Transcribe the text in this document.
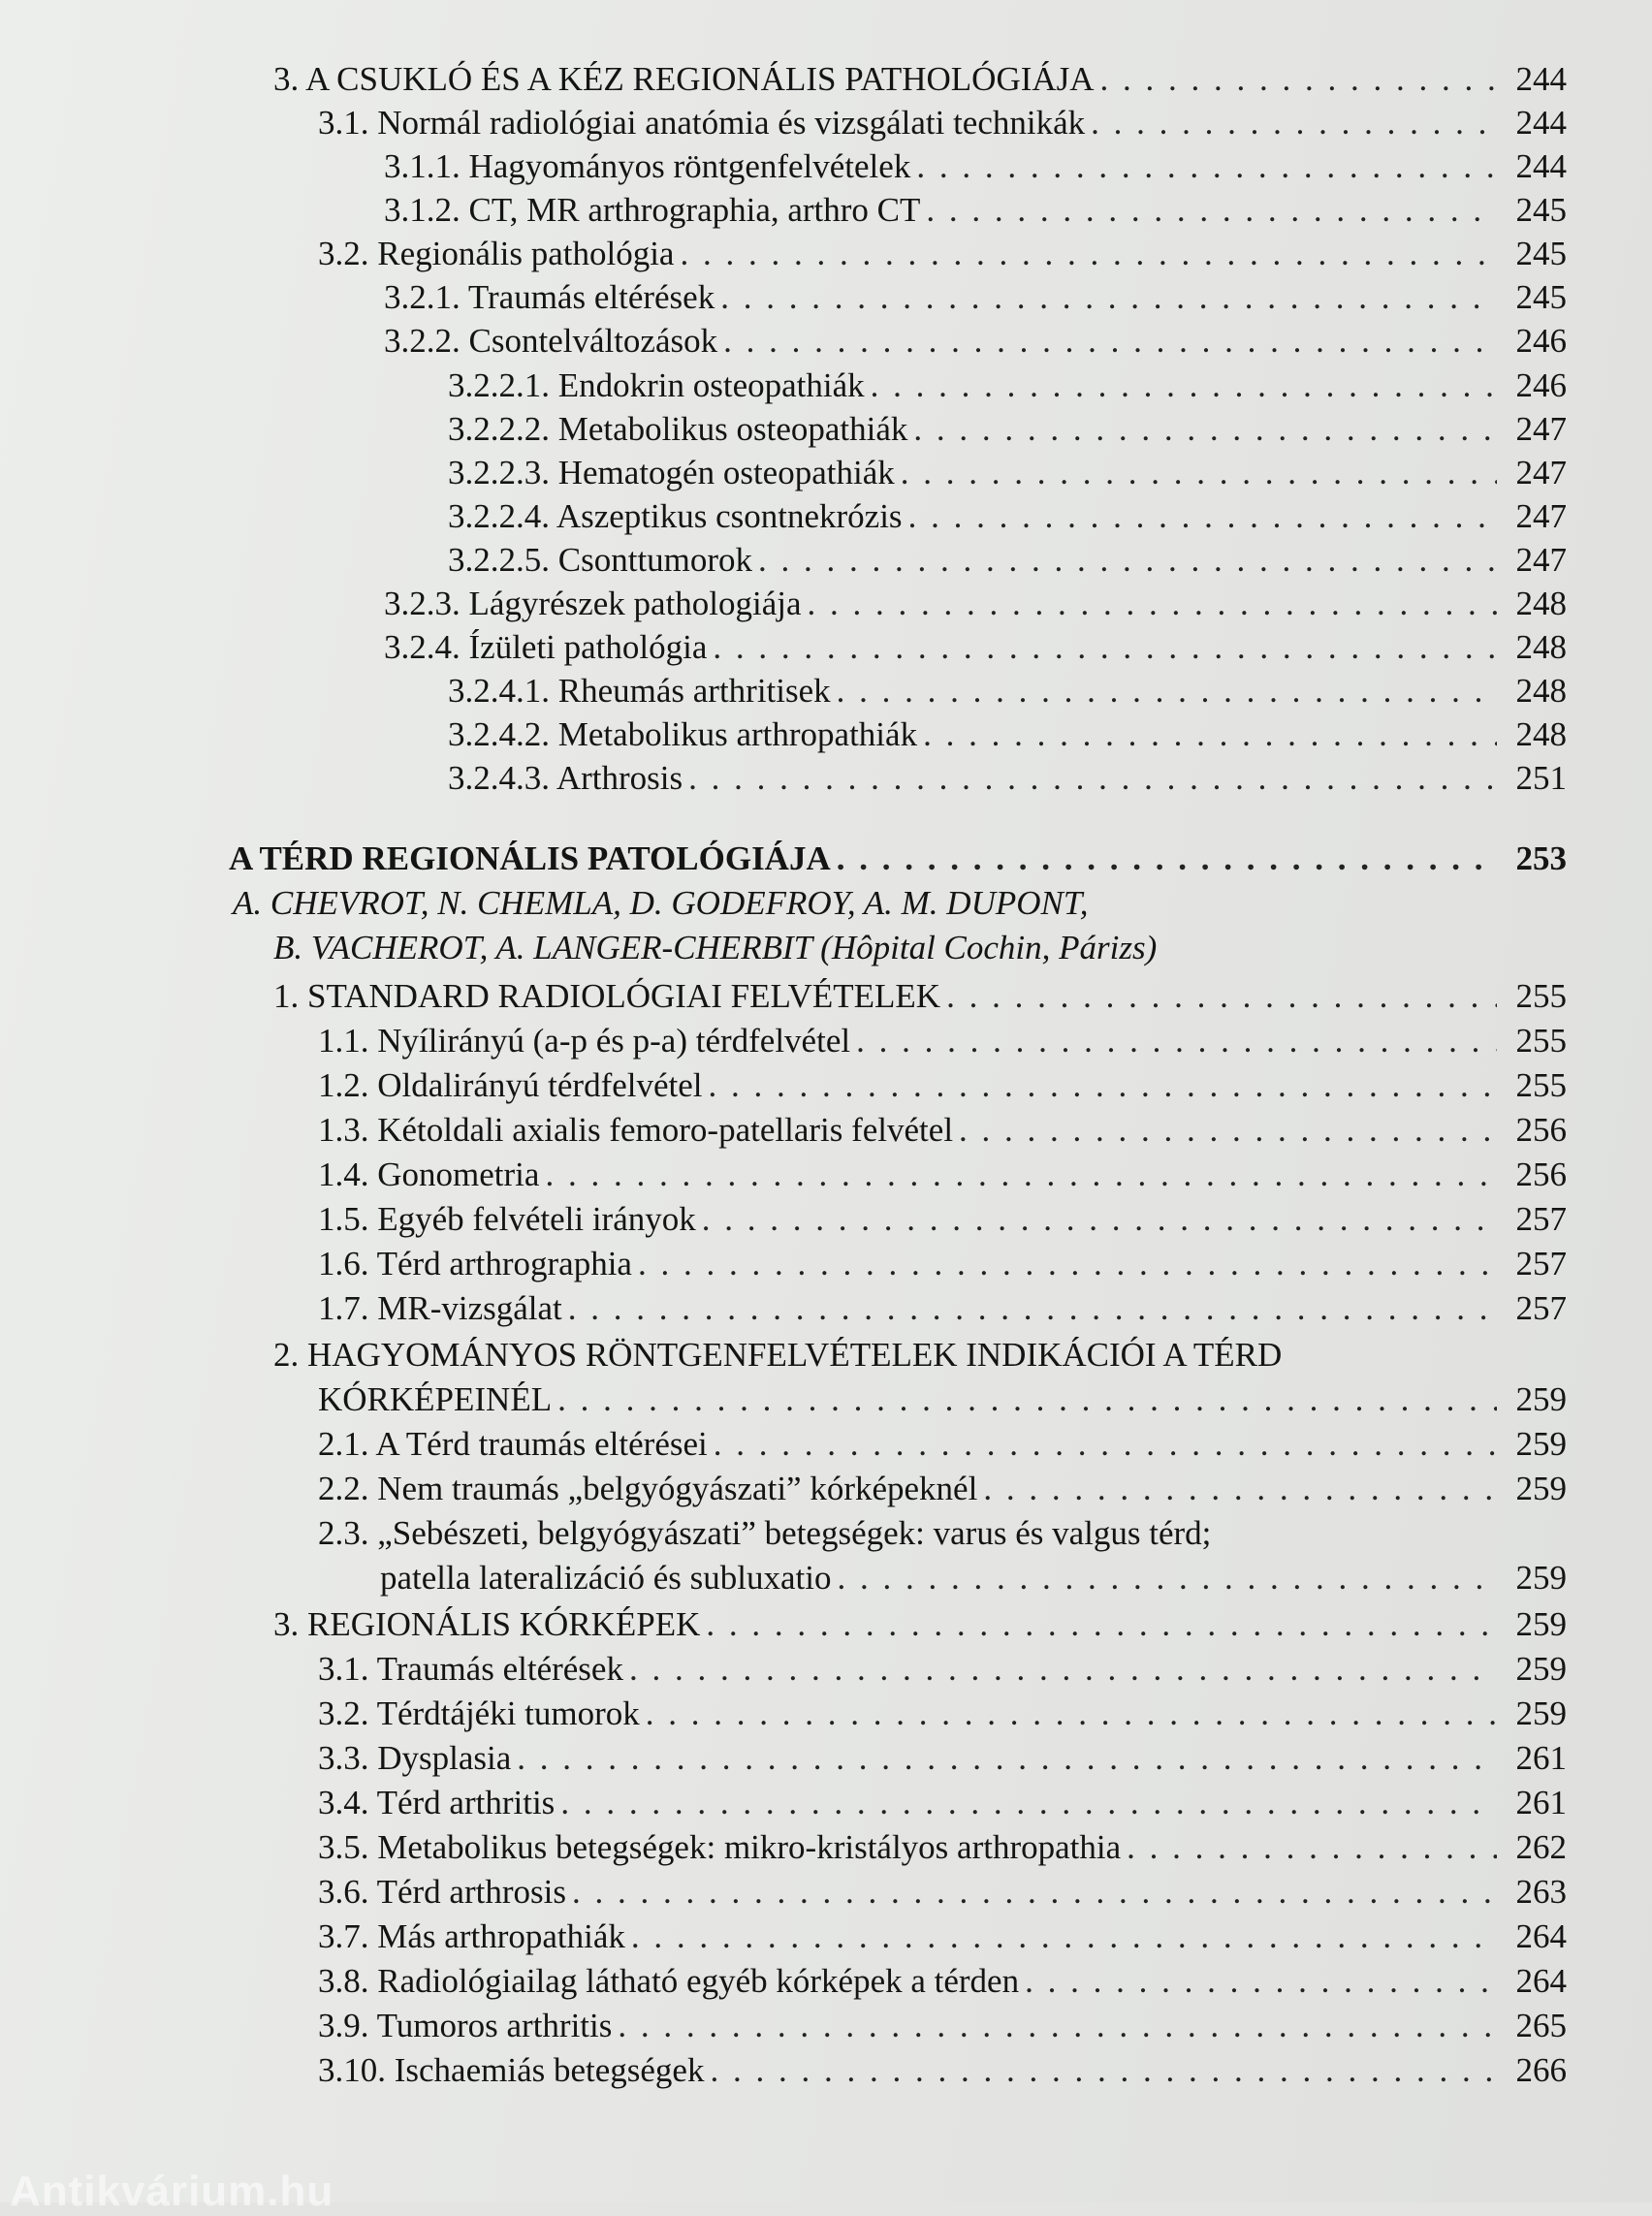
3. A CSUKLÓ ÉS A KÉZ REGIONÁLIS PATHOLÓGIÁJA . . .	244
3.1. Normál radiológiai anatómia és vizsgálati technikák . . .	244
3.1.1. Hagyományos röntgenfelvételek . . .	244
3.1.2. CT, MR arthrographia, arthro CT . . .	245
3.2. Regionális pathológia . . .	245
3.2.1. Traumás eltérések . . .	245
3.2.2. Csontelváltozások . . .	246
3.2.2.1. Endokrin osteopathiák . . .	246
3.2.2.2. Metabolikus osteopathiák . . .	247
3.2.2.3. Hematogén osteopathiák . . .	247
3.2.2.4. Aszeptikus csontnekrózis . . .	247
3.2.2.5. Csonttumorok . . .	247
3.2.3. Lágyrészek pathologiája . . .	248
3.2.4. Ízületi pathológia . . .	248
3.2.4.1. Rheumás arthritisek . . .	248
3.2.4.2. Metabolikus arthropathiák . . .	248
3.2.4.3. Arthrosis . . .	251
A TÉRD REGIONÁLIS PATOLÓGIÁJA . . .	253
A. CHEVROT, N. CHEMLA, D. GODEFROY, A. M. DUPONT,
B. VACHEROT, A. LANGER-CHERBIT (Hôpital Cochin, Párizs)
1. STANDARD RADIOLÓGIAI FELVÉTELEK . . .	255
1.1. Nyílirányú (a-p és p-a) térdfelvétel . . .	255
1.2. Oldalirányú térdfelvétel . . .	255
1.3. Kétoldali axialis femoro-patellaris felvétel . . .	256
1.4. Gonometria . . .	256
1.5. Egyéb felvételi irányok . . .	257
1.6. Térd arthrographia . . .	257
1.7. MR-vizsgálat . . .	257
2. HAGYOMÁNYOS RÖNTGENFELVÉTELEK INDIKÁCIÓI A TÉRD
KÓRKÉPEINÉL . . .	259
2.1. A Térd traumás eltérései . . .	259
2.2. Nem traumás „belgyógyászati” kórképeknél . . .	259
2.3. „Sebészeti, belgyógyászati” betegségek: varus és valgus térd;
patella lateralizáció és subluxatio . . .	259
3. REGIONÁLIS KÓRKÉPEK . . .	259
3.1. Traumás eltérések . . .	259
3.2. Térdtájéki tumorok . . .	259
3.3. Dysplasia . . .	261
3.4. Térd arthritis . . .	261
3.5. Metabolikus betegségek: mikro-kristályos arthropathia . . .	262
3.6. Térd arthrosis . . .	263
3.7. Más arthropathiák . . .	264
3.8. Radiológiailag látható egyéb kórképek a térden . . .	264
3.9. Tumoros arthritis . . .	265
3.10. Ischaemiás betegségek . . .	266
Antikvárium.hu
